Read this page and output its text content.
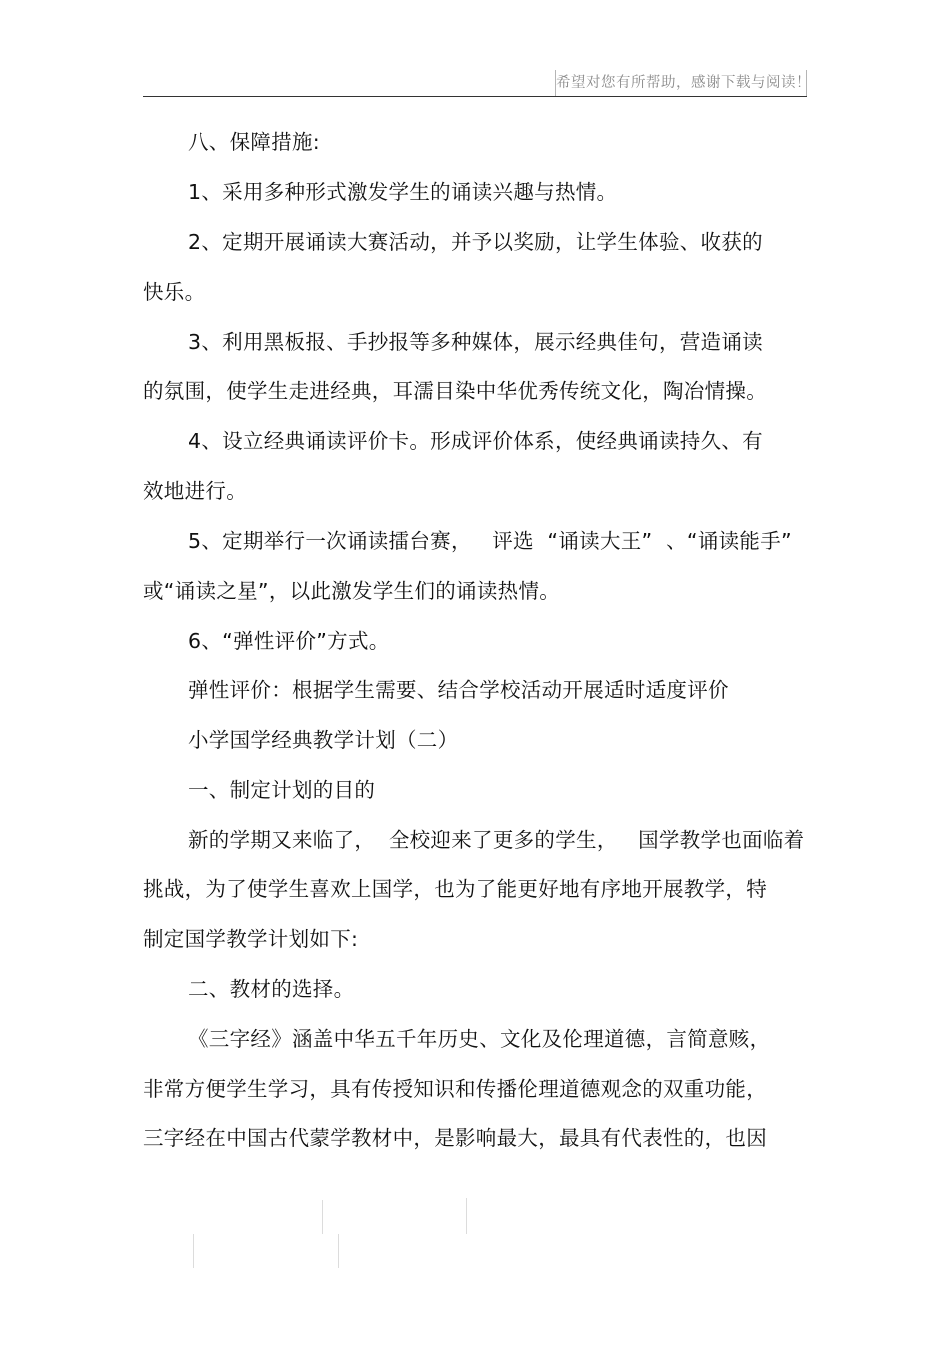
希望对您有所帮助，感谢下载与阅读！

八、保障措施:

1、采用多种形式激发学生的诵读兴趣与热情。

2、定期开展诵读大赛活动，并予以奖励，让学生体验、收获的

快乐。

3、利用黑板报、手抄报等多种媒体，展示经典佳句，营造诵读

的氛围，使学生走进经典，耳濡目染中华优秀传统文化，陶冶情操。

4、设立经典诵读评价卡。形成评价体系，使经典诵读持久、有

效地进行。

5、定期举行一次诵读擂台赛，   评选  “诵读大王”  、“诵读能手”

或“诵读之星”，以此激发学生们的诵读热情。

6、“弹性评价”方式。

弹性评价：根据学生需要、结合学校活动开展适时适度评价

小学国学经典教学计划（二）

一、制定计划的目的

新的学期又来临了，  全校迎来了更多的学生，   国学教学也面临着

挑战，为了使学生喜欢上国学，也为了能更好地有序地开展教学，特

制定国学教学计划如下:

二、教材的选择。

《三字经》涵盖中华五千年历史、文化及伦理道德，言简意赅，

非常方便学生学习，具有传授知识和传播伦理道德观念的双重功能，

三字经在中国古代蒙学教材中，是影响最大，最具有代表性的，也因
